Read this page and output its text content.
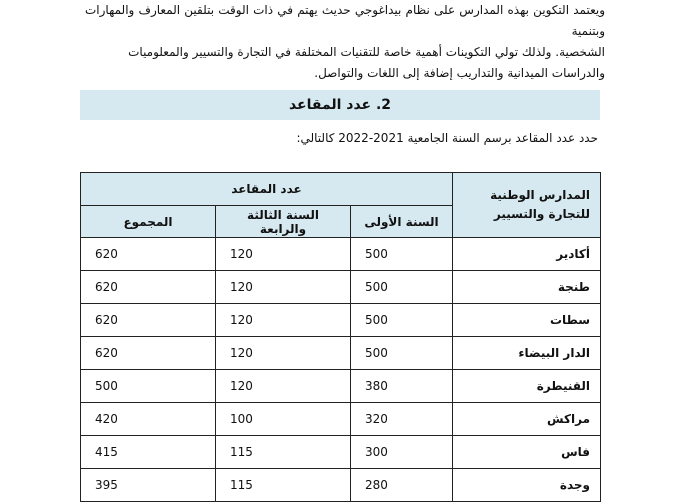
ويعتمد التكوين بهذه المدارس على نظام بيداغوجي حديث يهتم في ذات الوقت بتلقين المعارف والمهارات وبتنمية

الشخصية. ولذلك تولي التكوينات أهمية خاصة للتقنيات المختلفة في التجارة والتسيير والمعلوميات

والدراسات الميدانية والتداريب إضافة إلى اللغات والتواصل.

2. عدد المقاعد
حدد عدد المقاعد برسم السنة الجامعية 2021-2022 كالتالي:
المدارس الوطنية للتجارة والتسيير	عدد المقاعد		
	السنة الأولى	السنة الثالثة والرابعة	المجموع
أكادير	500	120	620
طنجة	500	120	620
سطات	500	120	620
الدار البيضاء	500	120	620
القنيطرة	380	120	500
مراكش	320	100	420
فاس	300	115	415
وجدة	280	115	395
